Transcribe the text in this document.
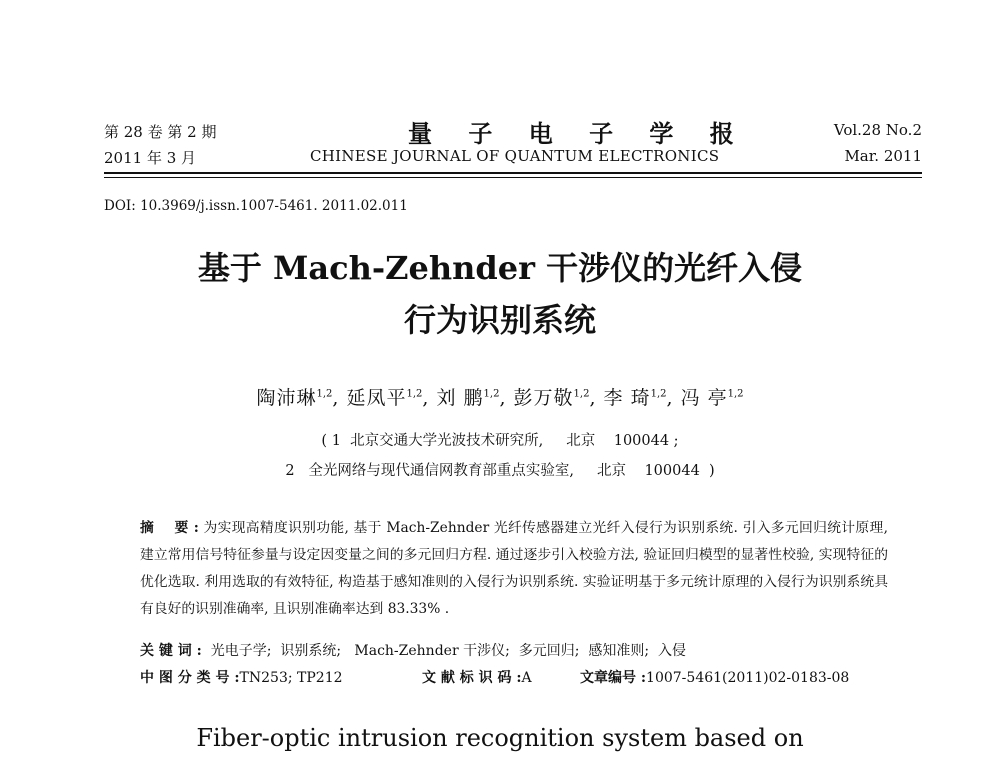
第 28 卷 第 2 期
2011 年 3 月
量 子 电 子 学 报
CHINESE JOURNAL OF QUANTUM ELECTRONICS
Vol.28 No.2
Mar. 2011
DOI: 10.3969/j.issn.1007-5461. 2011.02.011
基于 Mach-Zehnder 干涉仪的光纤入侵
行为识别系统
陶沛琳$^{1,2}$, 延凤平$^{1,2}$, 刘 鹏$^{1,2}$, 彭万敬$^{1,2}$, 李 琦$^{1,2}$, 冯 亭$^{1,2}$
( 1  北京交通大学光波技术研究所,     北京    100044 ;
2   全光网络与现代通信网教育部重点实验室,     北京    100044  )
摘    要 : 为实现高精度识别功能, 基于 Mach-Zehnder 光纤传感器建立光纤入侵行为识别系统. 引入多元回归统计原理, 建立常用信号特征参量与设定因变量之间的多元回归方程. 通过逐步引入校验方法, 验证回归模型的显著性校验, 实现特征的优化选取. 利用选取的有效特征, 构造基于感知准则的入侵行为识别系统. 实验证明基于多元统计原理的入侵行为识别系统具有良好的识别准确率, 且识别准确率达到 83.33% .
关 键 词 : 光电子学;  识别系统;   Mach-Zehnder 干涉仪;  多元回归;  感知准则;  入侵
中 图 分 类 号 :TN253; TP212	文 献 标 识 码 :A	文章编号 :1007-5461(2011)02-0183-08
Fiber-optic intrusion recognition system based on
